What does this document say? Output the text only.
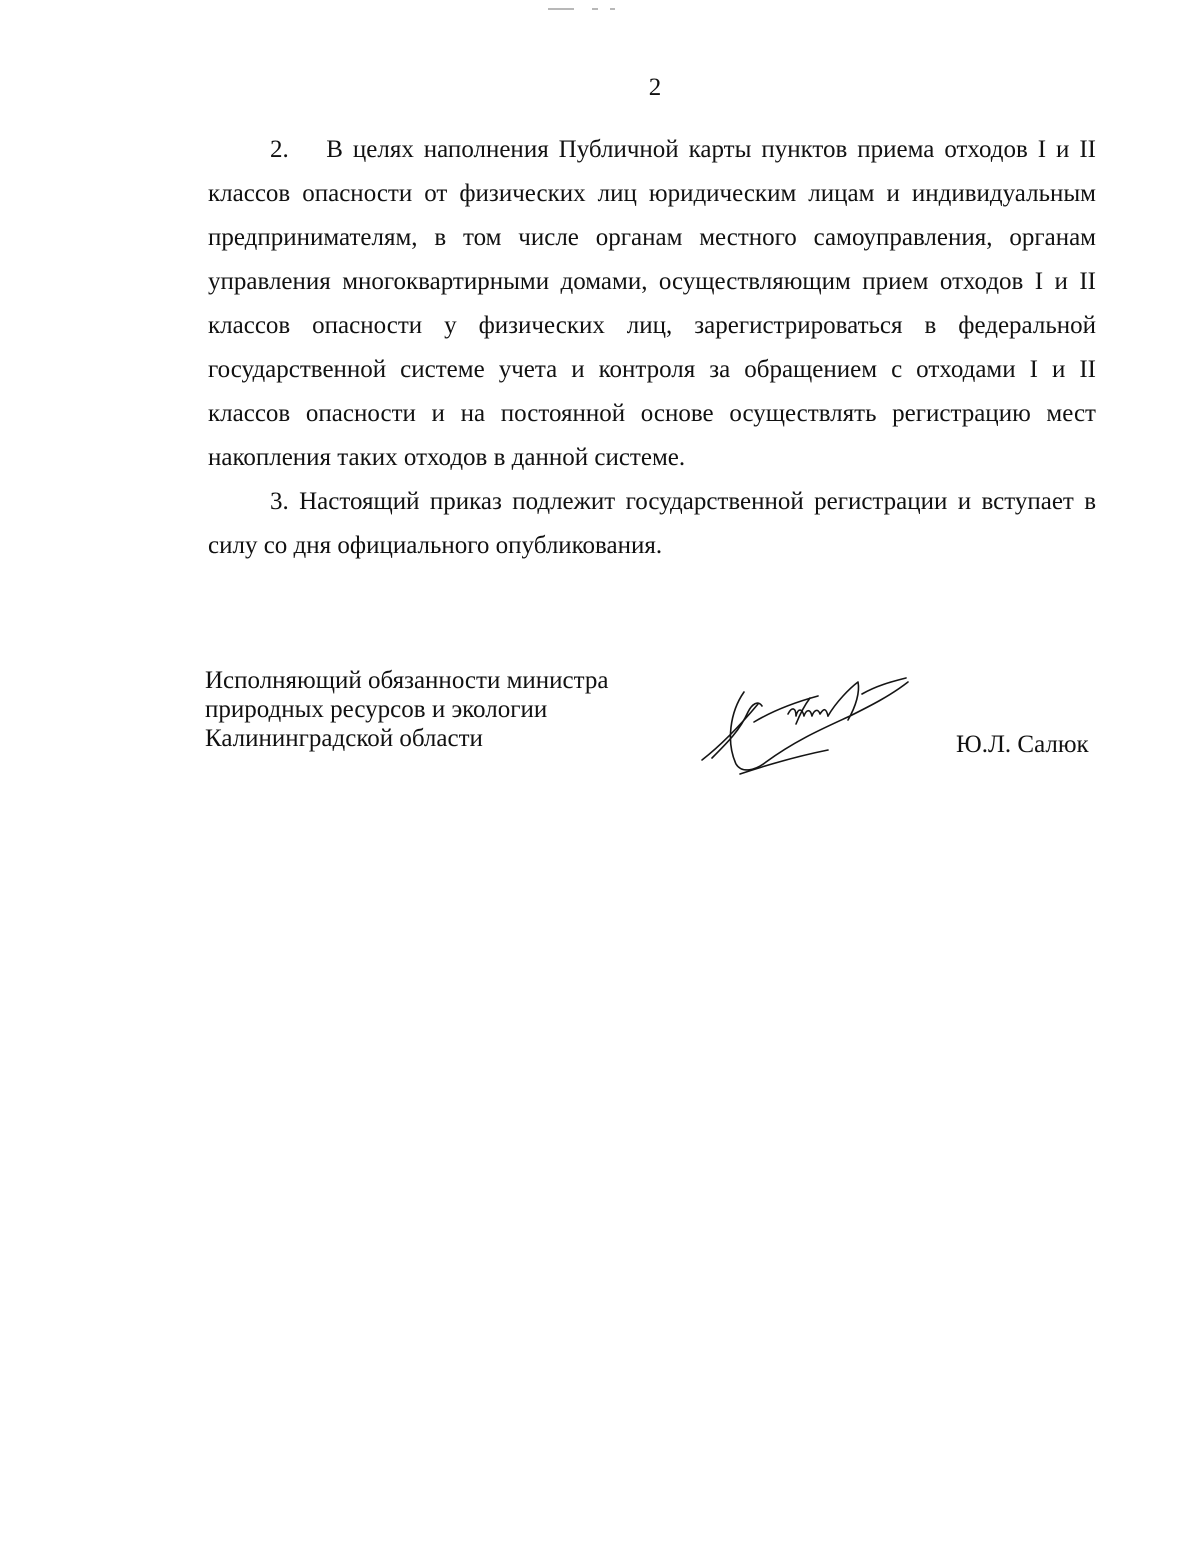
2

2.  В целях наполнения Публичной карты пунктов приема отходов I и II классов опасности от физических лиц юридическим лицам и индивидуальным предпринимателям, в том числе органам местного самоуправления, органам управления многоквартирными домами, осуществляющим прием отходов I и II классов опасности у физических лиц, зарегистрироваться в федеральной государственной системе учета и контроля за обращением с отходами I и II классов опасности и на постоянной основе осуществлять регистрацию мест накопления таких отходов в данной системе.

3. Настоящий приказ подлежит государственной регистрации и вступает в силу со дня официального опубликования.

Исполняющий обязанности министра
природных ресурсов и экологии
Калининградской области	Ю.Л. Салюк
